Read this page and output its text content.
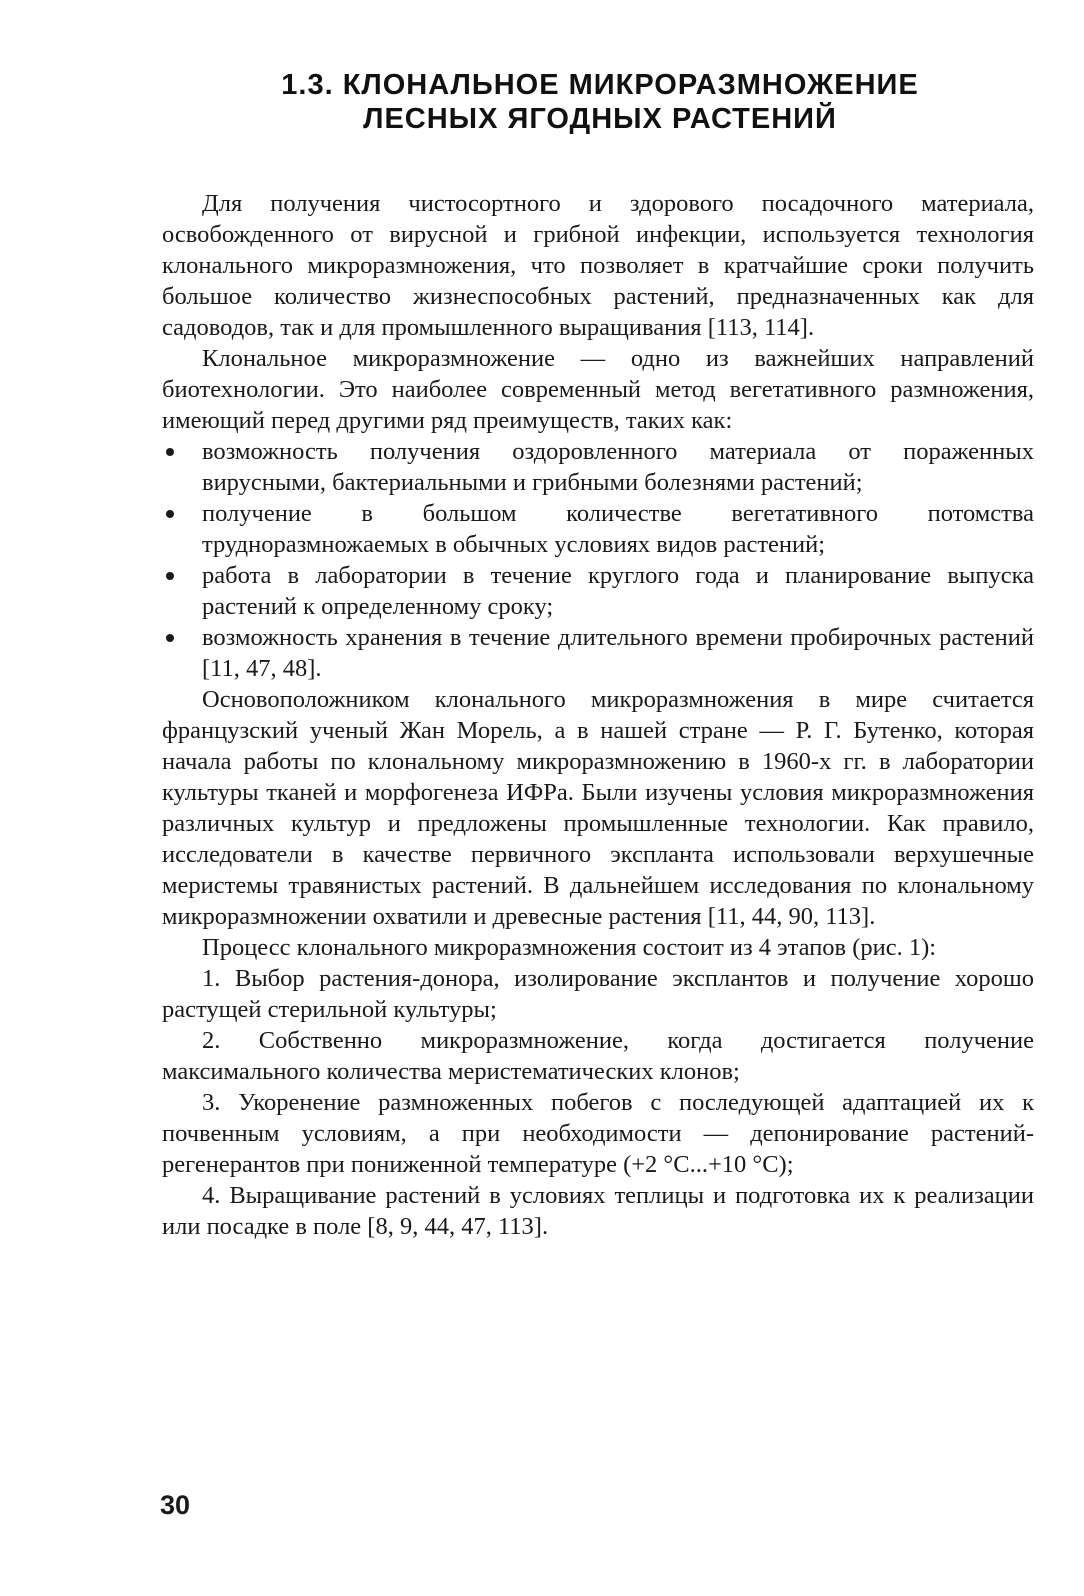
1.3. КЛОНАЛЬНОЕ МИКРОРАЗМНОЖЕНИЕ
ЛЕСНЫХ ЯГОДНЫХ РАСТЕНИЙ

Для получения чистосортного и здорового посадочного материала, освобожденного от вирусной и грибной инфекции, используется технология клонального микроразмножения, что позволяет в кратчайшие сроки получить большое количество жизнеспособных растений, предназначенных как для садоводов, так и для промышленного выращивания [113, 114].

Клональное микроразмножение — одно из важнейших направлений биотехнологии. Это наиболее современный метод вегетативного размножения, имеющий перед другими ряд преимуществ, таких как:

возможность получения оздоровленного материала от пораженных вирусными, бактериальными и грибными болезнями растений;
получение в большом количестве вегетативного потомства трудноразмножаемых в обычных условиях видов растений;
работа в лаборатории в течение круглого года и планирование выпуска растений к определенному сроку;
возможность хранения в течение длительного времени пробирочных растений [11, 47, 48].

Основоположником клонального микроразмножения в мире считается французский ученый Жан Морель, а в нашей стране — Р. Г. Бутенко, которая начала работы по клональному микроразмножению в 1960-х гг. в лаборатории культуры тканей и морфогенеза ИФРа. Были изучены условия микроразмножения различных культур и предложены промышленные технологии. Как правило, исследователи в качестве первичного эксплантa использовали верхушечные меристемы травянистых растений. В дальнейшем исследования по клональному микроразмножении охватили и древесные растения [11, 44, 90, 113].

Процесс клонального микроразмножения состоит из 4 этапов (рис. 1):

1. Выбор растения-донора, изолирование эксплантов и получение хорошо растущей стерильной культуры;

2. Собственно микроразмножение, когда достигается получение максимального количества меристематических клонов;

3. Укоренение размноженных побегов с последующей адаптацией их к почвенным условиям, а при необходимости — депонирование растений-регенерантов при пониженной температуре (+2 °С...+10 °С);

4. Выращивание растений в условиях теплицы и подготовка их к реализации или посадке в поле [8, 9, 44, 47, 113].

30
